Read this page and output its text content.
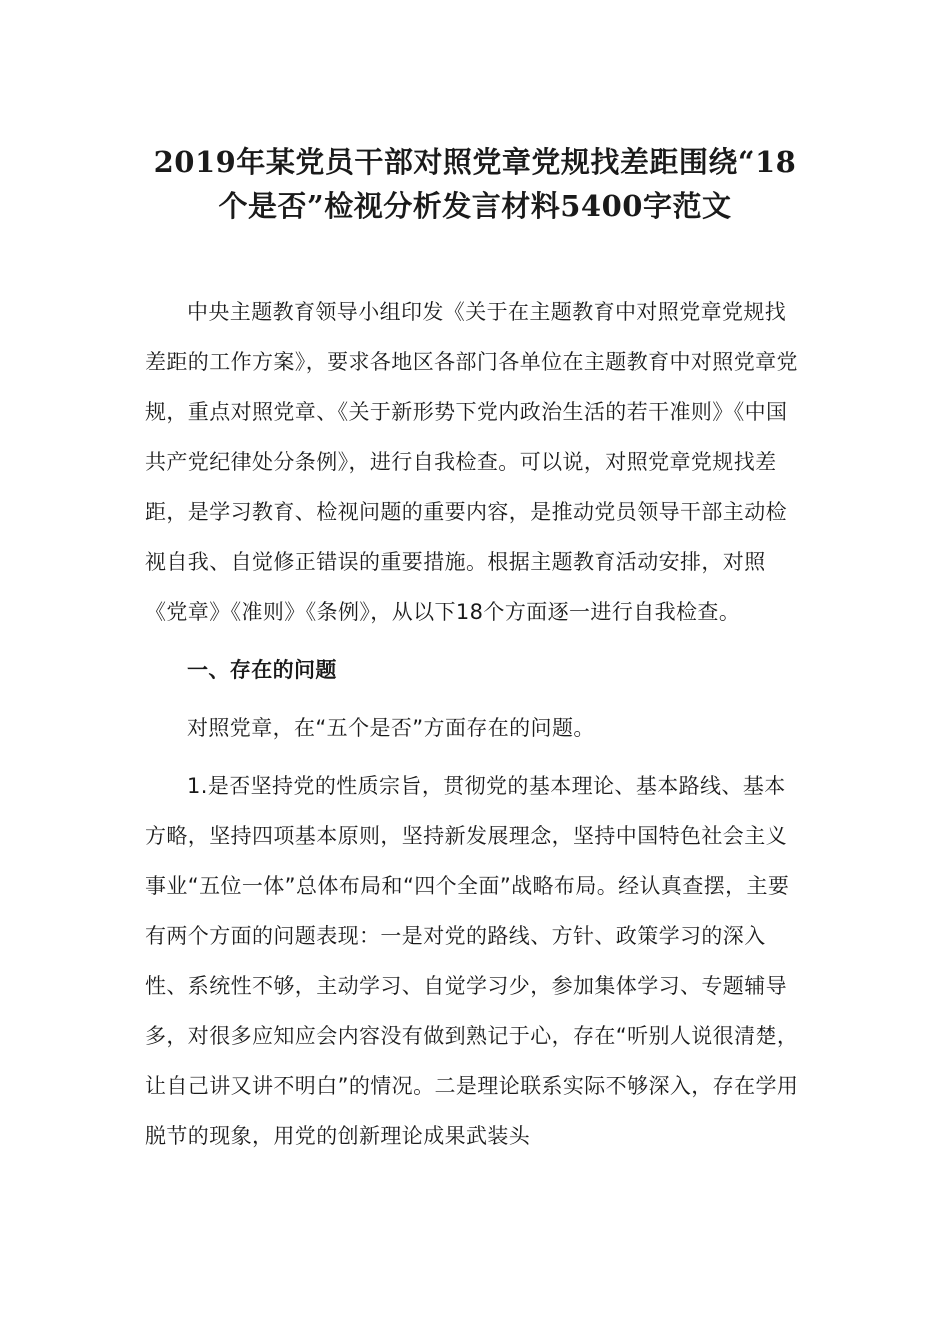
2019年某党员干部对照党章党规找差距围绕“18个是否”检视分析发言材料5400字范文

中央主题教育领导小组印发《关于在主题教育中对照党章党规找差距的工作方案》，要求各地区各部门各单位在主题教育中对照党章党规，重点对照党章、《关于新形势下党内政治生活的若干准则》《中国共产党纪律处分条例》，进行自我检查。可以说，对照党章党规找差距，是学习教育、检视问题的重要内容，是推动党员领导干部主动检视自我、自觉修正错误的重要措施。根据主题教育活动安排，对照《党章》《准则》《条例》，从以下18个方面逐一进行自我检查。

一、存在的问题

对照党章，在“五个是否”方面存在的问题。

1.是否坚持党的性质宗旨，贯彻党的基本理论、基本路线、基本方略，坚持四项基本原则，坚持新发展理念，坚持中国特色社会主义事业“五位一体”总体布局和“四个全面”战略布局。经认真查摆，主要有两个方面的问题表现：一是对党的路线、方针、政策学习的深入性、系统性不够，主动学习、自觉学习少，参加集体学习、专题辅导多，对很多应知应会内容没有做到熟记于心，存在“听别人说很清楚，让自己讲又讲不明白”的情况。二是理论联系实际不够深入，存在学用脱节的现象，用党的创新理论成果武装头
